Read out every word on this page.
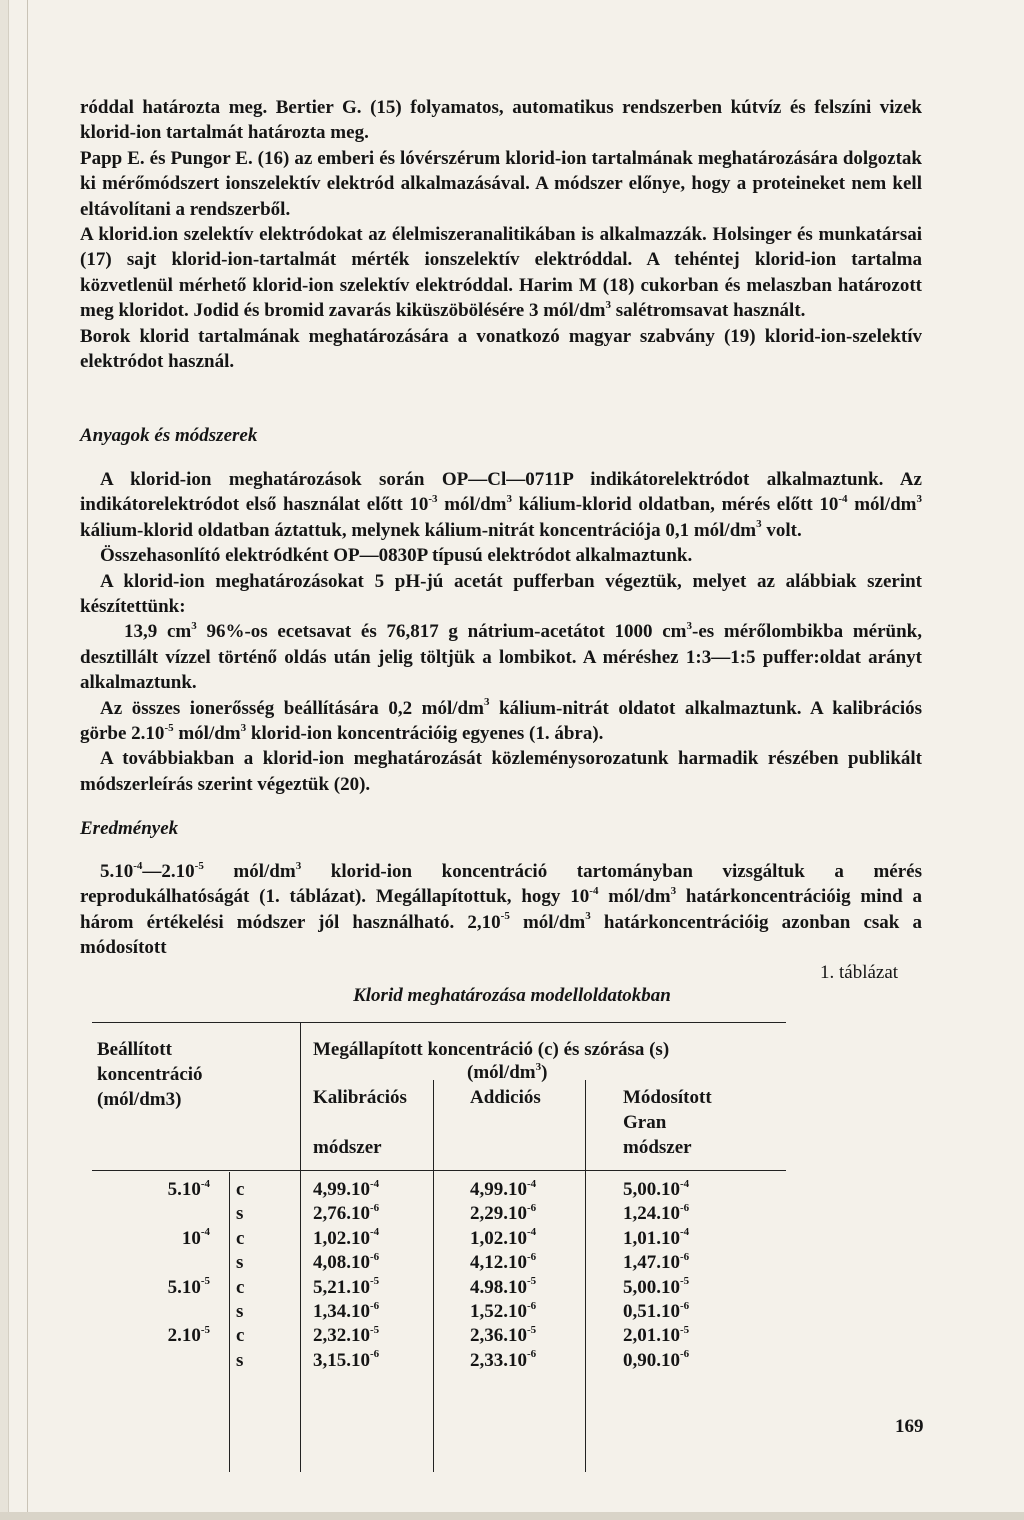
róddal határozta meg. Bertier G. (15) folyamatos, automatikus rendszerben kútvíz és felszíni vizek klorid-ion tartalmát határozta meg.

Papp E. és Pungor E. (16) az emberi és lóvérszérum klorid-ion tartalmának meghatározására dolgoztak ki mérőmódszert ionszelektív elektród alkalmazásával. A módszer előnye, hogy a proteineket nem kell eltávolítani a rendszerből.

A klorid.ion szelektív elektródokat az élelmiszeranalitikában is alkalmazzák. Holsinger és munkatársai (17) sajt klorid-ion-tartalmát mérték ionszelektív elektróddal. A tehéntej klorid-ion tartalma közvetlenül mérhető klorid-ion szelektív elektróddal. Harim M (18) cukorban és melaszban határozott meg kloridot. Jodid és bromid zavarás kiküszöbölésére 3 mól/$dm^3$ salétromsavat használt.

Borok klorid tartalmának meghatározására a vonatkozó magyar szabvány (19) klorid-ion-szelektív elektródot használ.

Anyagok és módszerek

A klorid-ion meghatározások során OP—Cl—0711P indikátorelektródot alkalmaztunk. Az indikátorelektródot első használat előtt $10^{-3}$ mól/$dm^3$ kálium-klorid oldatban, mérés előtt $10^{-4}$ mól/$dm^3$ kálium-klorid oldatban áztattuk, melynek kálium-nitrát koncentrációja 0,1 mól/$dm^3$ volt.

Összehasonlító elektródként OP—0830P típusú elektródot alkalmaztunk.

A klorid-ion meghatározásokat 5 pH-jú acetát pufferban végeztük, melyet az alábbiak szerint készítettünk:

13,9 $cm^3$ 96%-os ecetsavat és 76,817 g nátrium-acetátot 1000 $cm^3-es$ mérőlombikba mérünk, desztillált vízzel történő oldás után jelig töltjük a lombikot. A méréshez 1:3—1:5 puffer:oldat arányt alkalmaztunk.

Az összes ionerősség beállítására 0,2 mól/$dm^3$ kálium-nitrát oldatot alkalmaztunk. A kalibrációs görbe $2.10^{-5}$ mól/$dm^3$ klorid-ion koncentrációig egyenes (1. ábra).

A továbbiakban a klorid-ion meghatározását közleménysorozatunk harmadik részében publikált módszerleírás szerint végeztük (20).

Eredmények

$5.10^{-4}—2.10^{-5}$ mól/$dm^3$ klorid-ion koncentráció tartományban vizsgáltuk a mérés reprodukálhatóságát (1. táblázat). Megállapítottuk, hogy $10^{-4}$ mól/$dm^3$ határkoncentrációig mind a három értékelési módszer jól használható. $2,10^{-5}$ mól/$dm^3$ határkoncentrációig azonban csak a módosított

1. táblázat
Klorid meghatározása modelloldatokban
Beállított
koncentráció
(mól/dm3)
Megállapított koncentráció (c) és szórása (s)
$(mól/dm^3)$
Kalibrációs
módszer
Addiciós	Módosított
Gran
módszer
$5.10^{-4}$ c	$4,99.10^{-4}$	$4,99.10^{-4}$	$5,00.10^{-4}$
s	$2,76.10^{-6}$	$2,29.10^{-6}$	$1,24.10^{-6}$
$10^{-4}$ c	$1,02.10^{-4}$	$1,02.10^{-4}$	$1,01.10^{-4}$
s	$4,08.10^{-6}$	$4,12.10^{-6}$	$1,47.10^{-6}$
$5.10^{-5}$ c	$5,21.10^{-5}$	$4.98.10^{-5}$	$5,00.10^{-5}$
s	$1,34.10^{-6}$	$1,52.10^{-6}$	$0,51.10^{-6}$
$2.10^{-5}$ c	$2,32.10^{-5}$	$2,36.10^{-5}$	$2,01.10^{-5}$
s	$3,15.10^{-6}$	$2,33.10^{-6}$	$0,90.10^{-6}$
169
